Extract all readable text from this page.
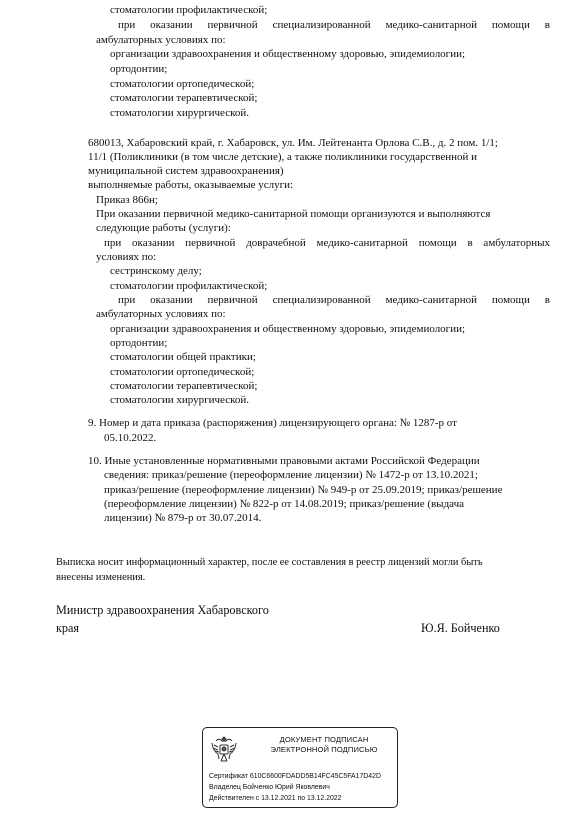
стоматологии профилактической;
при оказании первичной специализированной медико-санитарной помощи в
амбулаторных условиях по:
организации здравоохранения и общественному здоровью, эпидемиологии;
ортодонтии;
стоматологии ортопедической;
стоматологии терапевтической;
стоматологии хирургической.
680013, Хабаровский край, г. Хабаровск, ул. Им. Лейтенанта Орлова С.В., д. 2 пом. 1/1;
11/1 (Поликлиники (в том числе детские), а также поликлиники государственной и
муниципальной систем здравоохранения)
выполняемые работы, оказываемые услуги:
Приказ 866н;
При оказании первичной медико-санитарной помощи организуются и выполняются
следующие работы (услуги):
при оказании первичной доврачебной медико-санитарной помощи в амбулаторных
условиях по:
сестринскому делу;
стоматологии профилактической;
при оказании первичной специализированной медико-санитарной помощи в
амбулаторных условиях по:
организации здравоохранения и общественному здоровью, эпидемиологии;
ортодонтии;
стоматологии общей практики;
стоматологии ортопедической;
стоматологии терапевтической;
стоматологии хирургической.
9. Номер и дата приказа (распоряжения) лицензирующего органа: № 1287-р от
05.10.2022.
10. Иные установленные нормативными правовыми актами Российской Федерации
сведения: приказ/решение (переоформление лицензии) № 1472-р от 13.10.2021;
приказ/решение (переоформление лицензии) № 949-р от 25.09.2019; приказ/решение
(переоформление лицензии) № 822-р от 14.08.2019; приказ/решение (выдача
лицензии) № 879-р от 30.07.2014.
Выписка носит информационный характер, после ее составления в реестр лицензий могли быть
внесены изменения.
Министр здравоохранения Хабаровского
края	Ю.Я. Бойченко
ДОКУМЕНТ ПОДПИСАН
ЭЛЕКТРОННОЙ ПОДПИСЬЮ
Сертификат 610C6600FDADD5B14FC45C5FA17D42D
Владелец Бойченко Юрий Яковлевич
Действителен с 13.12.2021 по 13.12.2022
